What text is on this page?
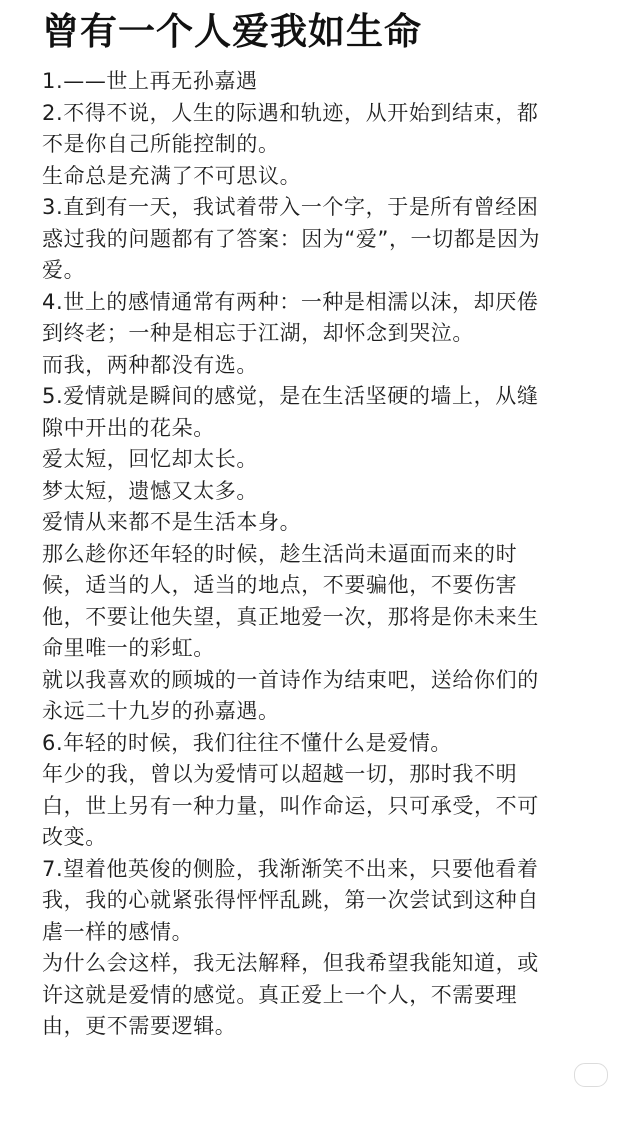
曾有一个人爱我如生命
1.——世上再无孙嘉遇
2.不得不说，人生的际遇和轨迹，从开始到结束，都
不是你自己所能控制的。
生命总是充满了不可思议。
3.直到有一天，我试着带入一个字，于是所有曾经困
惑过我的问题都有了答案：因为“爱”，一切都是因为
爱。
4.世上的感情通常有两种：一种是相濡以沫，却厌倦
到终老；一种是相忘于江湖，却怀念到哭泣。
而我，两种都没有选。
5.爱情就是瞬间的感觉，是在生活坚硬的墙上，从缝
隙中开出的花朵。
爱太短，回忆却太长。
梦太短，遗憾又太多。
爱情从来都不是生活本身。
那么趁你还年轻的时候，趁生活尚未逼面而来的时
候，适当的人，适当的地点，不要骗他，不要伤害
他，不要让他失望，真正地爱一次，那将是你未来生
命里唯一的彩虹。
就以我喜欢的顾城的一首诗作为结束吧，送给你们的
永远二十九岁的孙嘉遇。
6.年轻的时候，我们往往不懂什么是爱情。
年少的我，曾以为爱情可以超越一切，那时我不明
白，世上另有一种力量，叫作命运，只可承受，不可
改变。
7.望着他英俊的侧脸，我渐渐笑不出来，只要他看着
我，我的心就紧张得怦怦乱跳，第一次尝试到这种自
虐一样的感情。
为什么会这样，我无法解释，但我希望我能知道，或
许这就是爱情的感觉。真正爱上一个人，不需要理
由，更不需要逻辑。
